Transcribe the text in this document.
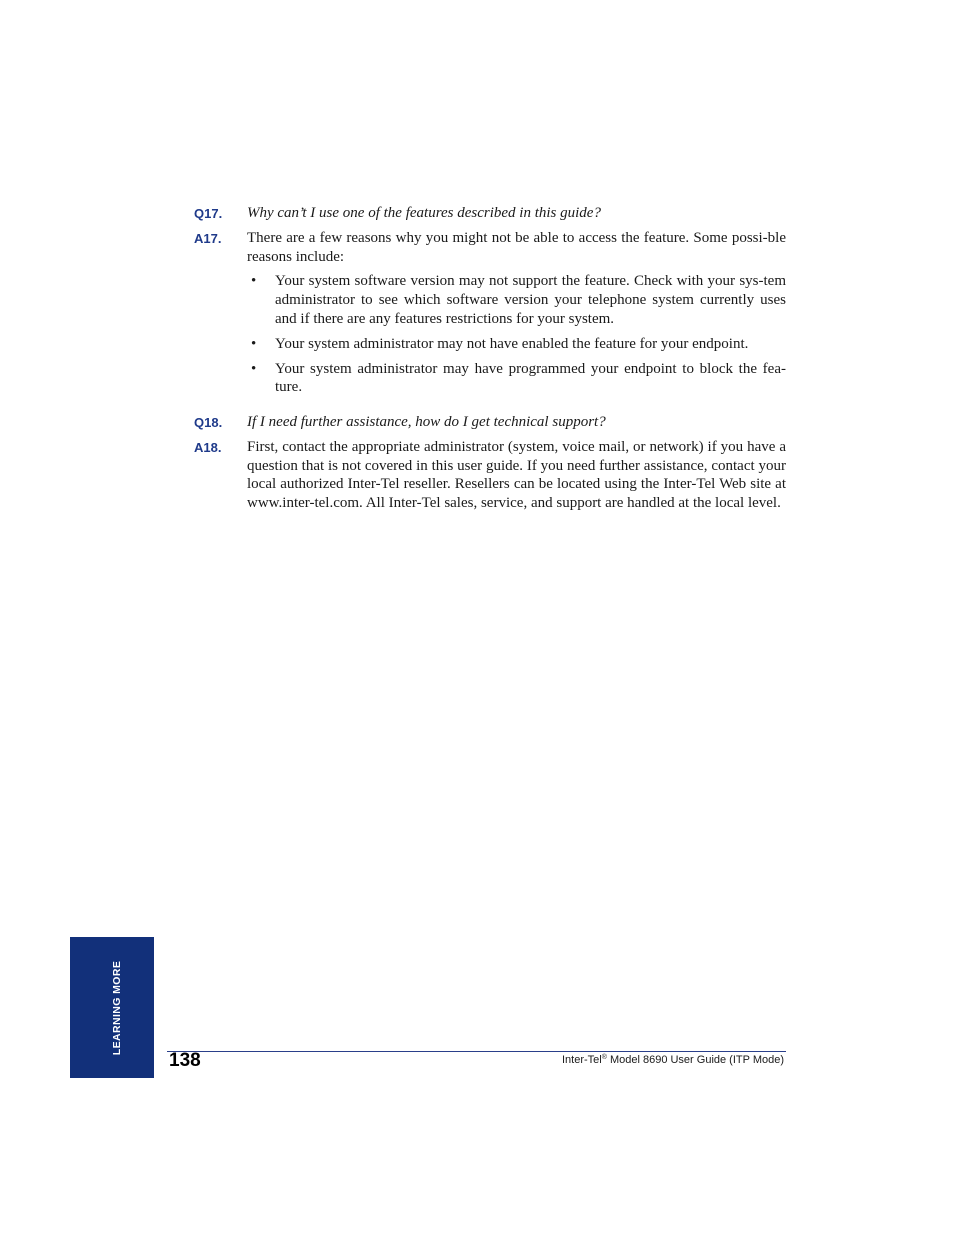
Q17. Why can’t I use one of the features described in this guide?
A17. There are a few reasons why you might not be able to access the feature. Some possi-ble reasons include:
• Your system software version may not support the feature. Check with your sys-tem administrator to see which software version your telephone system currently uses and if there are any features restrictions for your system.
• Your system administrator may not have enabled the feature for your endpoint.
• Your system administrator may have programmed your endpoint to block the fea-ture.
Q18. If I need further assistance, how do I get technical support?
A18. First, contact the appropriate administrator (system, voice mail, or network) if you have a question that is not covered in this user guide. If you need further assistance, contact your local authorized Inter-Tel reseller. Resellers can be located using the Inter-Tel Web site at www.inter-tel.com. All Inter-Tel sales, service, and support are handled at the local level.
LEARNING MORE
138	Inter-Tel® Model 8690 User Guide (ITP Mode)
